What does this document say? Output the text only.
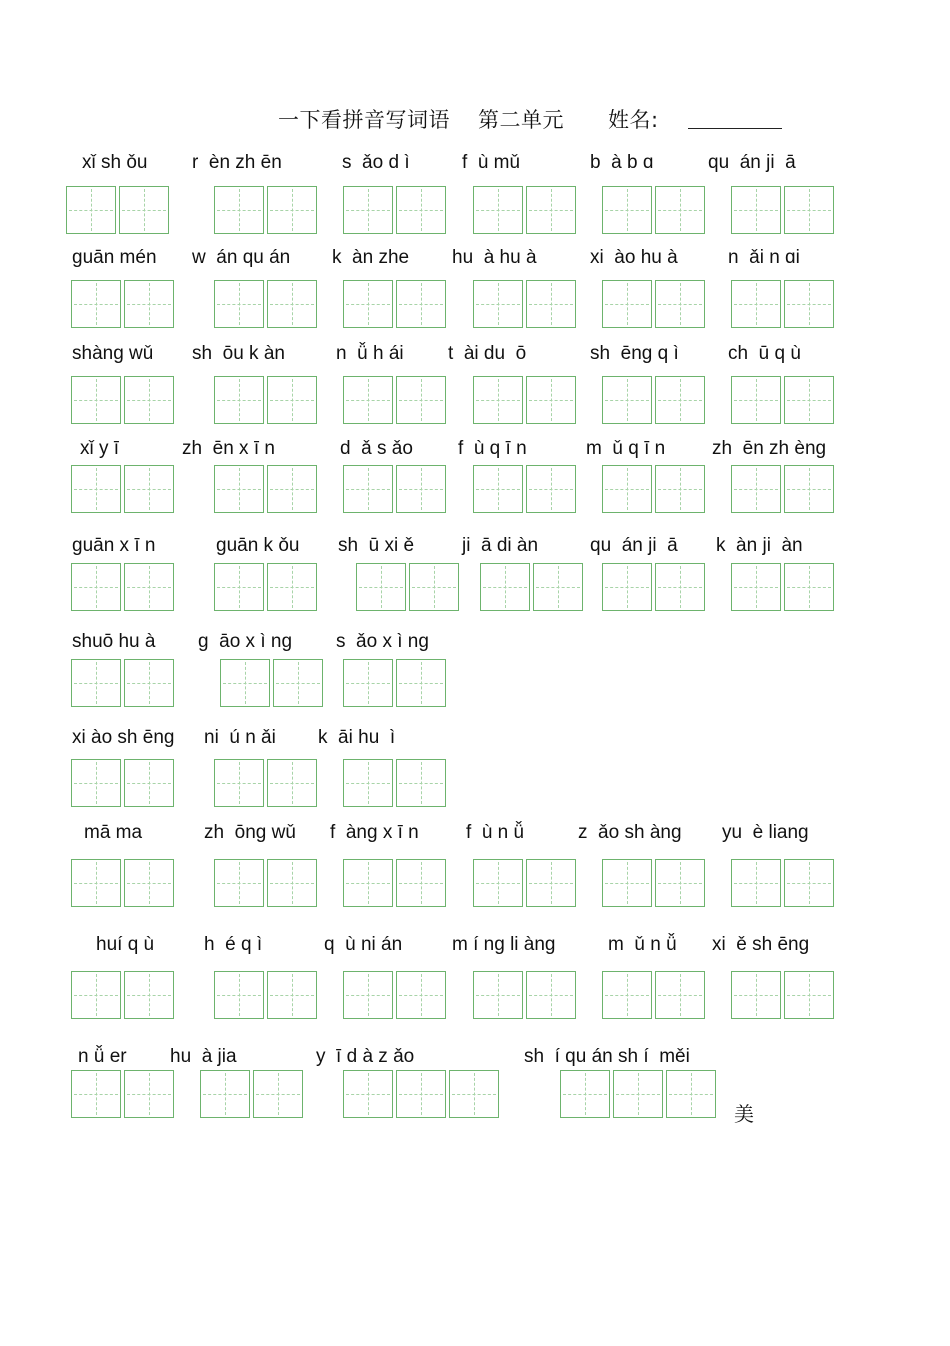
一下看拼音写词语 第二单元 姓名:
xǐ sh ǒu r  èn zh ēn	s  ǎo d ì	f  ù mǔ	b  à b ɑ	qu  án ji  ā
guān mén w  án qu án k  àn zhe hu  à hu à	xi  ào hu à	n  ǎi n ɑi
shàng wǔ sh  ōu k àn	n  ǚ h ái t  ài du  ō	sh  ēng q ì	ch  ū q ù
xǐ y ī	zh  ēn x ī n	d  ǎ s ǎo f  ù q ī n	m  ǔ q ī n zh  ēn zh èng
guān x ī n	guān k ǒu sh  ū xi ě	ji  ā di àn	qu  án ji  ā k  àn ji  àn
shuō hu à g  āo x ì ng s  ǎo x ì ng
xi ào sh ēng ni  ú n ǎi k  āi hu  ì
mā ma	zh  ōng wǔ f  àng x ī n f  ù n ǚ	z  ǎo sh àng yu  è liang
huí q ù	h  é q ì	q  ù ni án	m í ng li àng	m  ǔ n ǚ xi  ě sh ēng
n ǚ er hu  à jia	y  ī d à z ǎo	sh  í qu án sh í  měi
美
